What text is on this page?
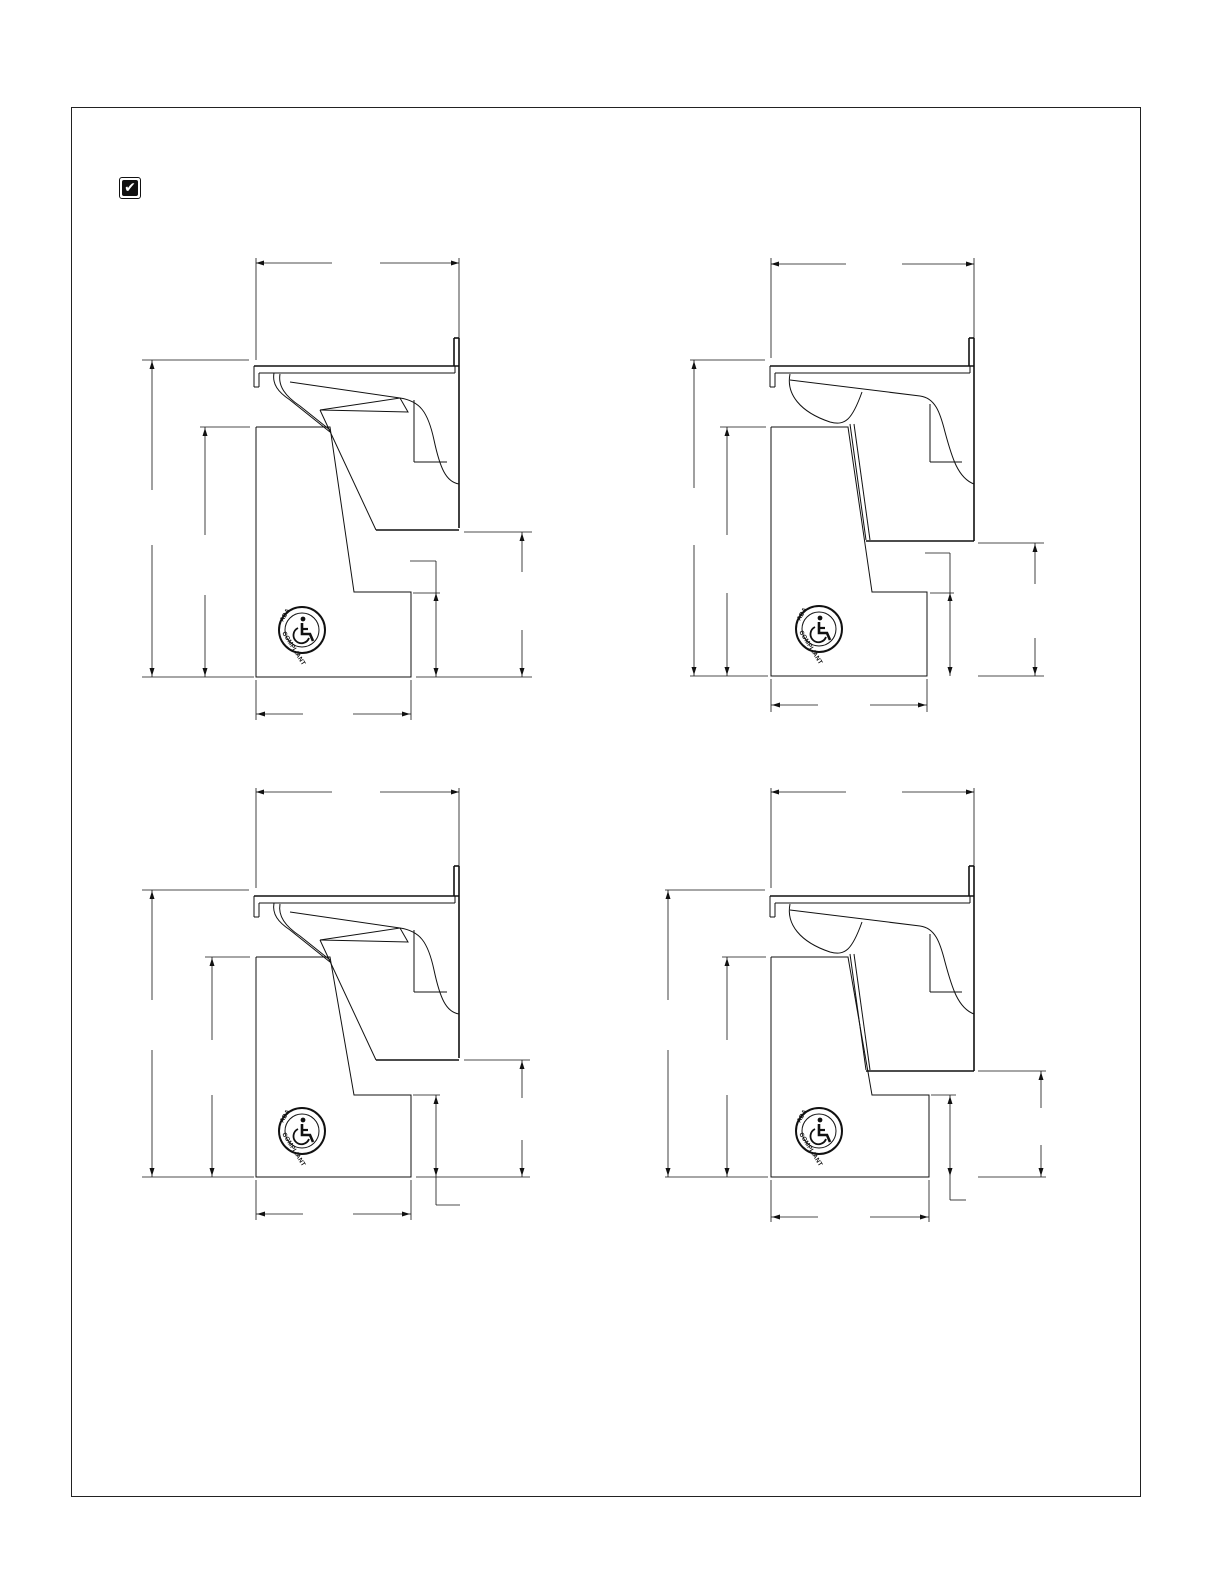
✔
ADA
COMPLIANT
ADA
COMPLIANT
ADA
COMPLIANT
ADA
COMPLIANT
